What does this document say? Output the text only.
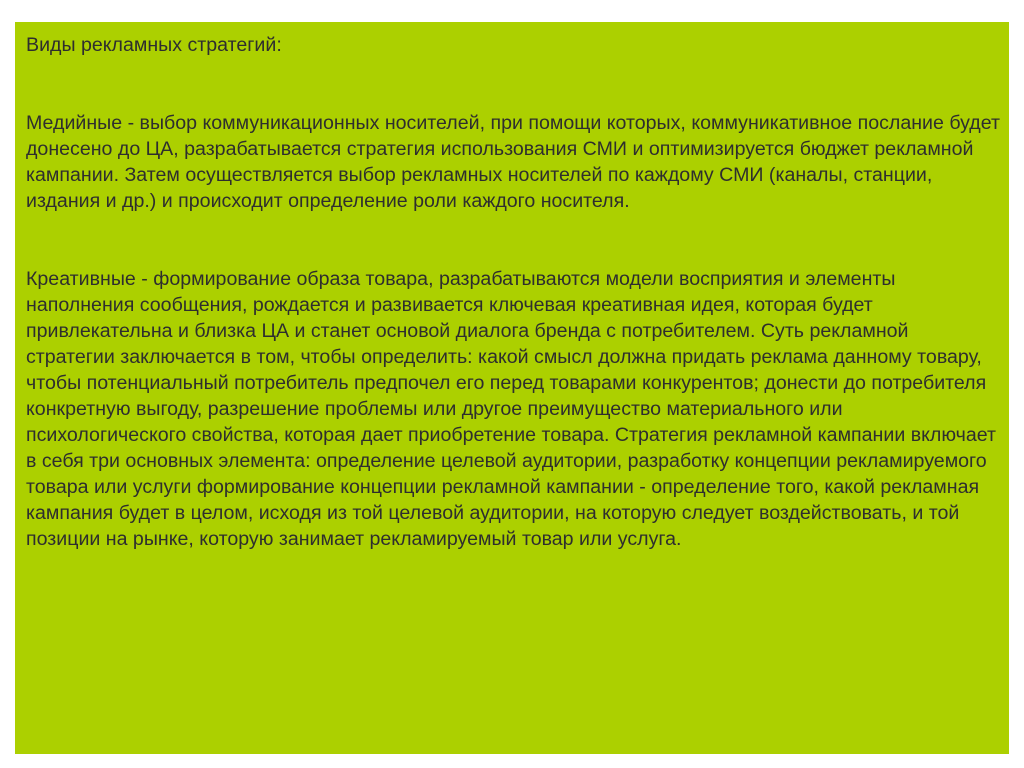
Виды рекламных стратегий:

Медийные - выбор коммуникационных носителей, при помощи которых, коммуникативное послание будет донесено до ЦА, разрабатывается стратегия использования СМИ и оптимизируется бюджет рекламной кампании. Затем осуществляется выбор рекламных носителей по каждому СМИ (каналы, станции, издания и др.) и происходит определение роли каждого носителя.

Креативные - формирование образа товара, разрабатываются модели восприятия и элементы наполнения сообщения, рождается и развивается ключевая креативная идея, которая будет привлекательна и близка ЦА и станет основой диалога бренда с потребителем. Суть рекламной стратегии заключается в том, чтобы определить: какой смысл должна придать реклама данному товару, чтобы потенциальный потребитель предпочел его перед товарами конкурентов; донести до потребителя конкретную выгоду, разрешение проблемы или другое преимущество материального или психологического свойства, которая дает приобретение товара. Стратегия рекламной кампании включает в себя три основных элемента: определение целевой аудитории, разработку концепции рекламируемого товара или услуги формирование концепции рекламной кампании - определение того, какой рекламная кампания будет в целом, исходя из той целевой аудитории, на которую следует воздействовать, и той позиции на рынке, которую занимает рекламируемый товар или услуга.
